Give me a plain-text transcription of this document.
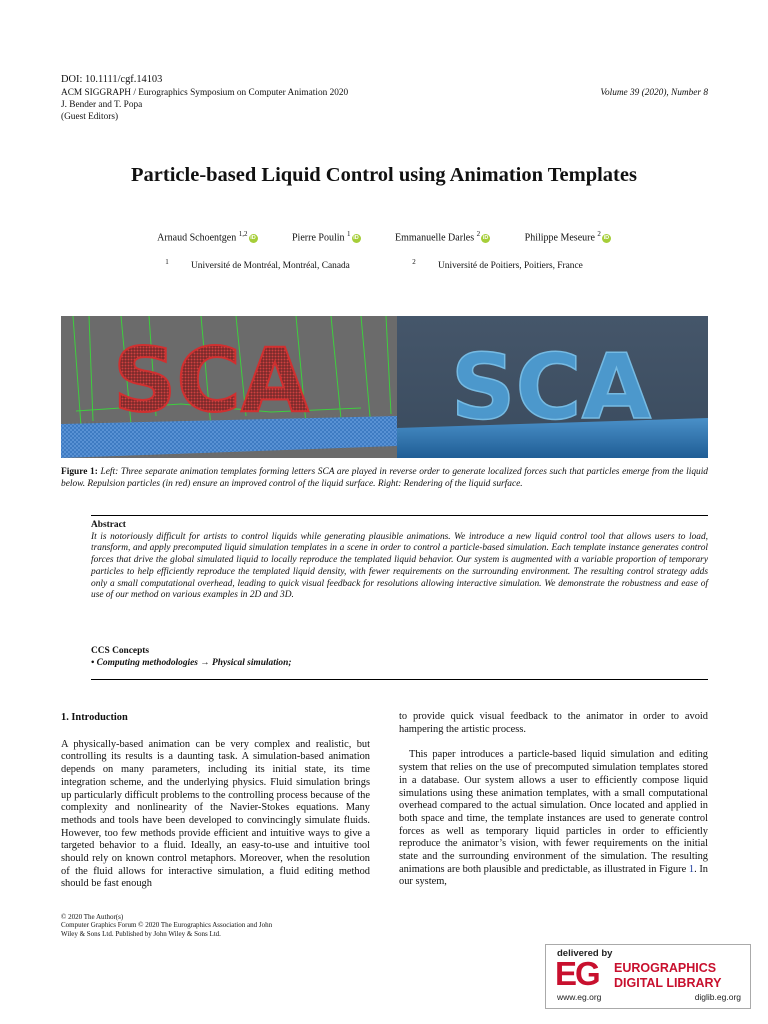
DOI: 10.1111/cgf.14103
ACM SIGGRAPH / Eurographics Symposium on Computer Animation 2020
J. Bender and T. Popa
(Guest Editors)
Volume 39 (2020), Number 8
Particle-based Liquid Control using Animation Templates
Arnaud Schoentgen $^{1,2}$iD	Pierre Poulin $^1$iD	Emmanuelle Darles $^2$iD	Philippe Meseure $^2$iD
$^1$ Université de Montréal, Montréal, Canada	$^2$ Université de Poitiers, Poitiers, France
SCA SCA
Figure 1: Left: Three separate animation templates forming letters SCA are played in reverse order to generate localized forces such that particles emerge from the liquid below. Repulsion particles (in red) ensure an improved control of the liquid surface. Right: Rendering of the liquid surface.
Abstract
It is notoriously difficult for artists to control liquids while generating plausible animations. We introduce a new liquid control tool that allows users to load, transform, and apply precomputed liquid simulation templates in a scene in order to control a particle-based simulation. Each template instance generates control forces that drive the global simulated liquid to locally reproduce the templated liquid behavior. Our system is augmented with a variable proportion of temporary particles to help efficiently reproduce the templated liquid density, with fewer requirements on the surrounding environment. The resulting control strategy adds only a small computational overhead, leading to quick visual feedback for resolutions allowing interactive simulation. We demonstrate the robustness and ease of use of our method on various examples in 2D and 3D.
CCS Concepts
• Computing methodologies → Physical simulation;
1. Introduction

A physically-based animation can be very complex and realistic, but controlling its results is a daunting task. A simulation-based animation depends on many parameters, including its initial state, its time integration scheme, and the underlying physics. Fluid simulation brings up particularly difficult problems to the controlling process because of the complexity and nonlinearity of the Navier-Stokes equations. Many methods and tools have been developed to convincingly simulate fluids. However, too few methods provide efficient and intuitive ways to give a targeted behavior to a fluid. Ideally, an easy-to-use and intuitive tool should rely on known control metaphors. Moreover, when the resolution of the fluid allows for interactive simulation, a fluid editing method should be fast enough

to provide quick visual feedback to the animator in order to avoid hampering the artistic process.

This paper introduces a particle-based liquid simulation and editing system that relies on the use of precomputed simulation templates stored in a database. Our system allows a user to efficiently compose liquid simulations using these animation templates, with a small computational overhead compared to the actual simulation. Once located and applied in both space and time, the template instances are used to generate control forces as well as temporary liquid particles in order to efficiently reproduce the animator’s vision, with fewer requirements on the initial state and the surrounding environment of the simulation. The resulting animations are both plausible and predictable, as illustrated in Figure 1. In our system,

© 2020 The Author(s)
Computer Graphics Forum © 2020 The Eurographics Association and John
Wiley & Sons Ltd. Published by John Wiley & Sons Ltd.
delivered by
EG EUROGRAPHICS
DIGITAL LIBRARY
www.eg.org	diglib.eg.org
